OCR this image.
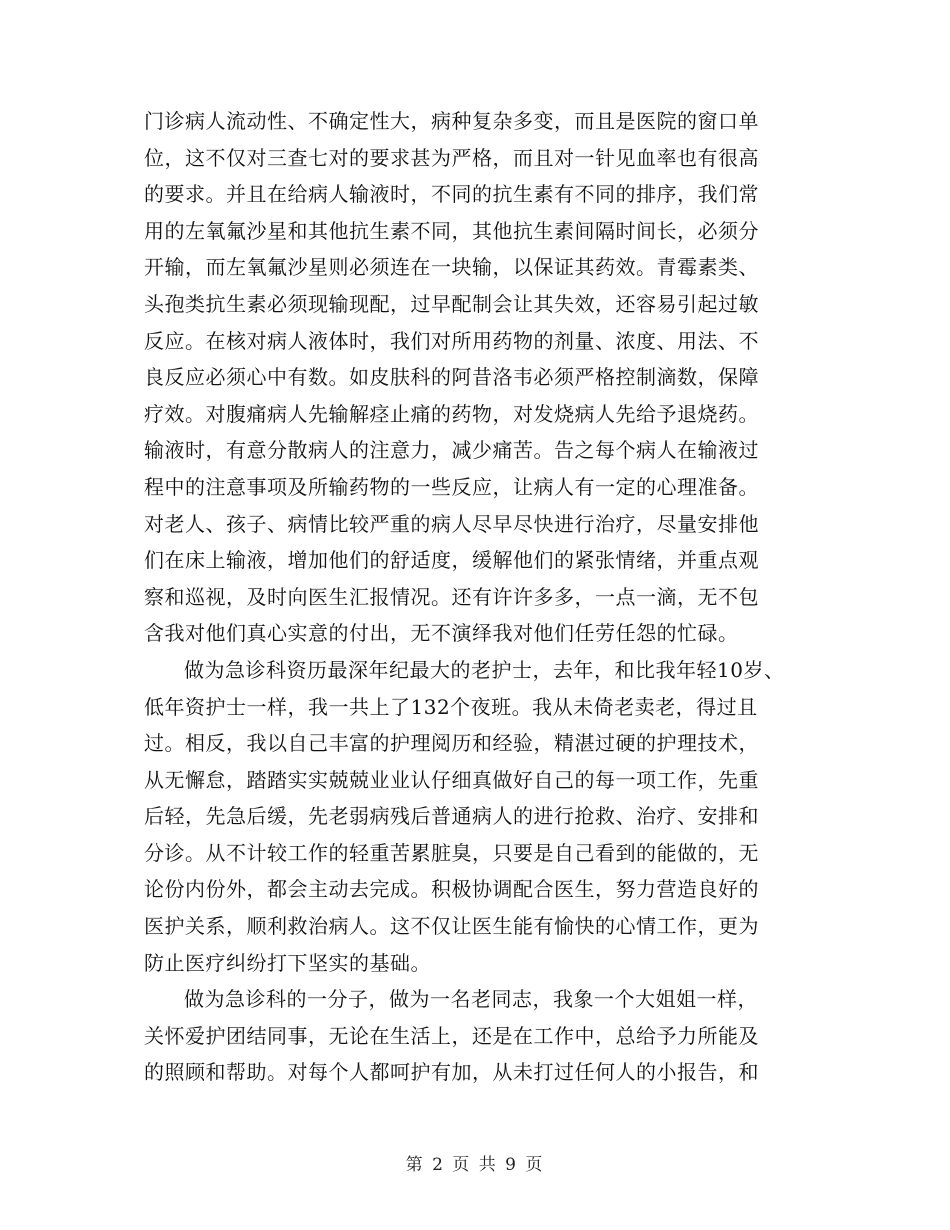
门诊病人流动性、不确定性大，病种复杂多变，而且是医院的窗口单
位，这不仅对三查七对的要求甚为严格，而且对一针见血率也有很高
的要求。并且在给病人输液时，不同的抗生素有不同的排序，我们常
用的左氧氟沙星和其他抗生素不同，其他抗生素间隔时间长，必须分
开输，而左氧氟沙星则必须连在一块输，以保证其药效。青霉素类、
头孢类抗生素必须现输现配，过早配制会让其失效，还容易引起过敏
反应。在核对病人液体时，我们对所用药物的剂量、浓度、用法、不
良反应必须心中有数。如皮肤科的阿昔洛韦必须严格控制滴数，保障
疗效。对腹痛病人先输解痉止痛的药物，对发烧病人先给予退烧药。
输液时，有意分散病人的注意力，减少痛苦。告之每个病人在输液过
程中的注意事项及所输药物的一些反应，让病人有一定的心理准备。
对老人、孩子、病情比较严重的病人尽早尽快进行治疗，尽量安排他
们在床上输液，增加他们的舒适度，缓解他们的紧张情绪，并重点观
察和巡视，及时向医生汇报情况。还有许许多多，一点一滴，无不包
含我对他们真心实意的付出，无不演绎我对他们任劳任怨的忙碌。
做为急诊科资历最深年纪最大的老护士，去年，和比我年轻10岁、
低年资护士一样，我一共上了132个夜班。我从未倚老卖老，得过且
过。相反，我以自己丰富的护理阅历和经验，精湛过硬的护理技术，
从无懈怠，踏踏实实兢兢业业认仔细真做好自己的每一项工作，先重
后轻，先急后缓，先老弱病残后普通病人的进行抢救、治疗、安排和
分诊。从不计较工作的轻重苦累脏臭，只要是自己看到的能做的，无
论份内份外，都会主动去完成。积极协调配合医生，努力营造良好的
医护关系，顺利救治病人。这不仅让医生能有愉快的心情工作，更为
防止医疗纠纷打下坚实的基础。
做为急诊科的一分子，做为一名老同志，我象一个大姐姐一样，
关怀爱护团结同事，无论在生活上，还是在工作中，总给予力所能及
的照顾和帮助。对每个人都呵护有加，从未打过任何人的小报告，和
第 2 页 共 9 页
